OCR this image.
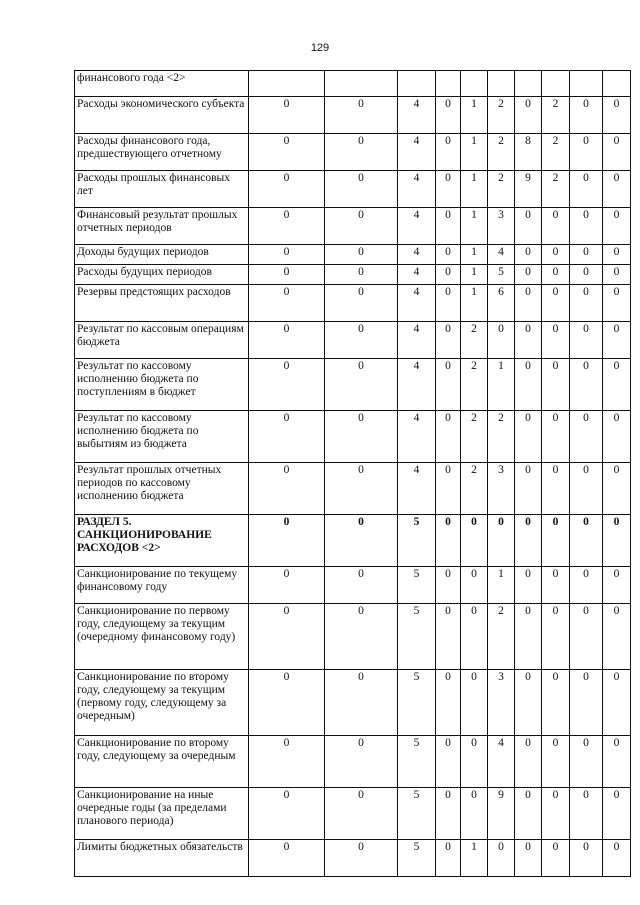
129
финансового года <2>										
Расходы экономического субъекта	0	0	4	0	1	2	0	2	0	0
Расходы финансового года, предшествующего отчетному	0	0	4	0	1	2	8	2	0	0
Расходы прошлых финансовых лет	0	0	4	0	1	2	9	2	0	0
Финансовый результат прошлых отчетных периодов	0	0	4	0	1	3	0	0	0	0
Доходы будущих периодов	0	0	4	0	1	4	0	0	0	0
Расходы будущих периодов	0	0	4	0	1	5	0	0	0	0
Резервы предстоящих расходов	0	0	4	0	1	6	0	0	0	0
Результат по кассовым операциям бюджета	0	0	4	0	2	0	0	0	0	0
Результат по кассовому исполнению бюджета по поступлениям в бюджет	0	0	4	0	2	1	0	0	0	0
Результат по кассовому исполнению бюджета по выбытиям из бюджета	0	0	4	0	2	2	0	0	0	0
Результат прошлых отчетных периодов по кассовому исполнению бюджета	0	0	4	0	2	3	0	0	0	0
РАЗДЕЛ 5. САНКЦИОНИРОВАНИЕ РАСХОДОВ <2>	0	0	5	0	0	0	0	0	0	0
Санкционирование по текущему финансовому году	0	0	5	0	0	1	0	0	0	0
Санкционирование по первому году, следующему за текущим (очередному финансовому году)	0	0	5	0	0	2	0	0	0	0
Санкционирование по второму году, следующему за текущим (первому году, следующему за очередным)	0	0	5	0	0	3	0	0	0	0
Санкционирование по второму году, следующему за очередным	0	0	5	0	0	4	0	0	0	0
Санкционирование на иные очередные годы (за пределами планового периода)	0	0	5	0	0	9	0	0	0	0
Лимиты бюджетных обязательств	0	0	5	0	1	0	0	0	0	0
